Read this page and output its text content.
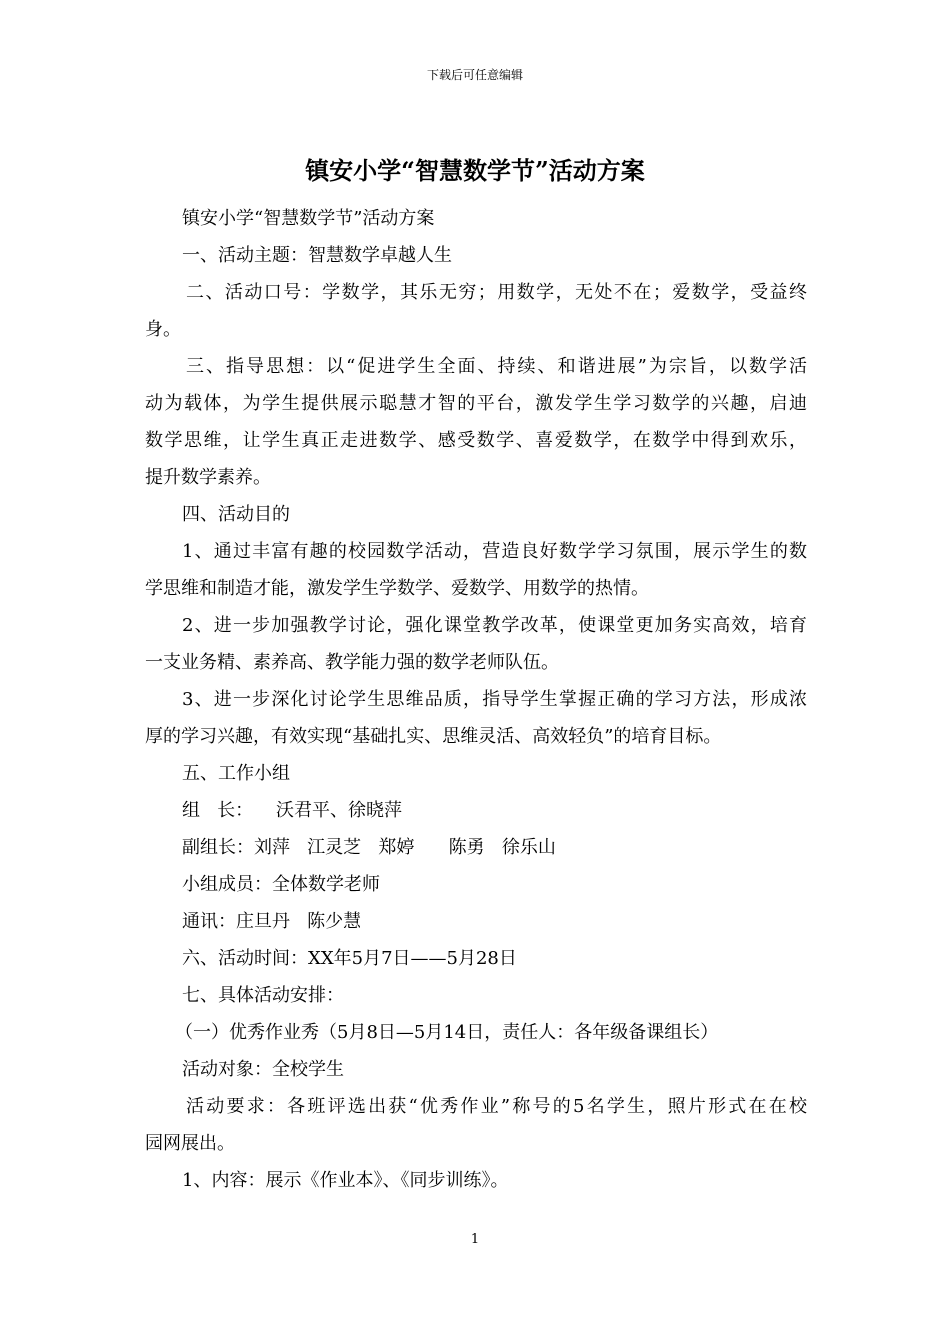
下载后可任意编辑
镇安小学“智慧数学节”活动方案
镇安小学“智慧数学节”活动方案
一、活动主题：智慧数学卓越人生
二、活动口号：学数学，其乐无穷；用数学，无处不在；爱数学，受益终
身。
三、指导思想：以“促进学生全面、持续、和谐进展”为宗旨，以数学活
动为载体，为学生提供展示聪慧才智的平台，激发学生学习数学的兴趣，启迪
数学思维，让学生真正走进数学、感受数学、喜爱数学，在数学中得到欢乐，
提升数学素养。
四、活动目的
1、通过丰富有趣的校园数学活动，营造良好数学学习氛围，展示学生的数
学思维和制造才能，激发学生学数学、爱数学、用数学的热情。
2、进一步加强教学讨论，强化课堂教学改革，使课堂更加务实高效，培育
一支业务精、素养高、教学能力强的数学老师队伍。
3、进一步深化讨论学生思维品质，指导学生掌握正确的学习方法，形成浓
厚的学习兴趣，有效实现“基础扎实、思维灵活、高效轻负”的培育目标。
五、工作小组
组   长：    沃君平、徐晓萍
副组长：刘萍   江灵芝   郑婷      陈勇   徐乐山
小组成员：全体数学老师
通讯：庄旦丹   陈少慧
六、活动时间：XX年5月7日——5月28日
七、具体活动安排：
（一）优秀作业秀（5月8日—5月14日，责任人：各年级备课组长）
活动对象：全校学生
活动要求：各班评选出获“优秀作业”称号的5名学生，照片形式在在校
园网展出。
1、内容：展示《作业本》、《同步训练》。
1
